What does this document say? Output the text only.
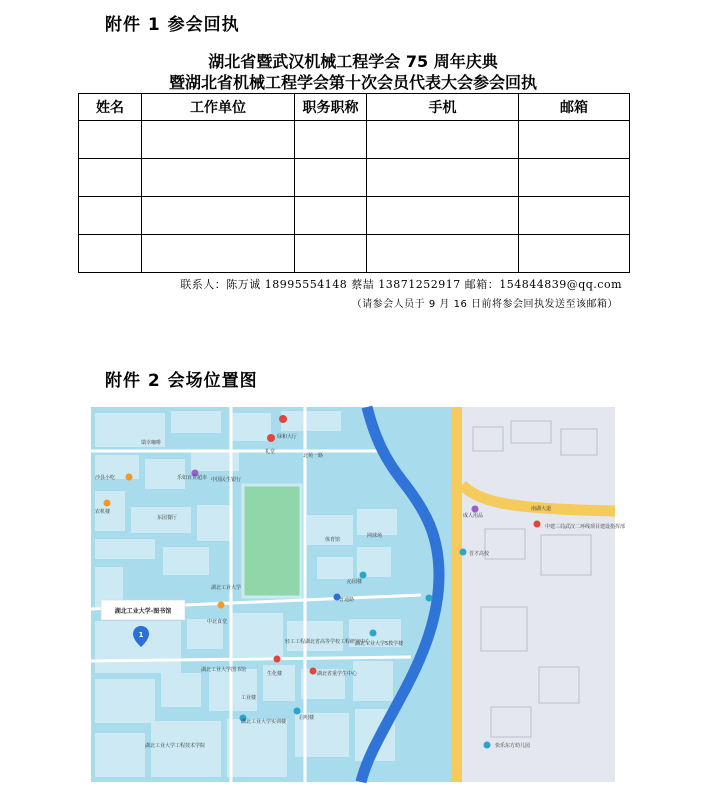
附件 1 参会回执
湖北省暨武汉机械工程学会 75 周年庆典
暨湖北省机械工程学会第十次会员代表大会参会回执
姓名	工作单位	职务职称	手机	邮箱

联系人：陈万诚 18995554148 蔡喆 13871252917 邮箱：154844839@qq.com
（请参会人员于 9 月 16 日前将参会回执发送至该邮箱）
附件 2 会场位置图
绿和大厅
礼堂
北苑一路
中国民生银行
瑞幸咖啡
沙县小吃	乐如百货超市
农机楼
东园餐厅
体育馆
网球场
沁园楼
湖北工业大学
中北食堂
普通路
轻工工程湖北省高等学校工程研究中心
湖北工业大学5教学楼
湖北工业大学图书馆
湖北省重学生中心
生化楼
湖北工业大学工程技术学院
湖北工业大学实训楼
南湖大道
中建三局武汉二环线项目建设指挥部
晋才高校
快乐东方幼儿园
成人用品
启明楼
工业楼
湖北工业大学-图书馆
1
